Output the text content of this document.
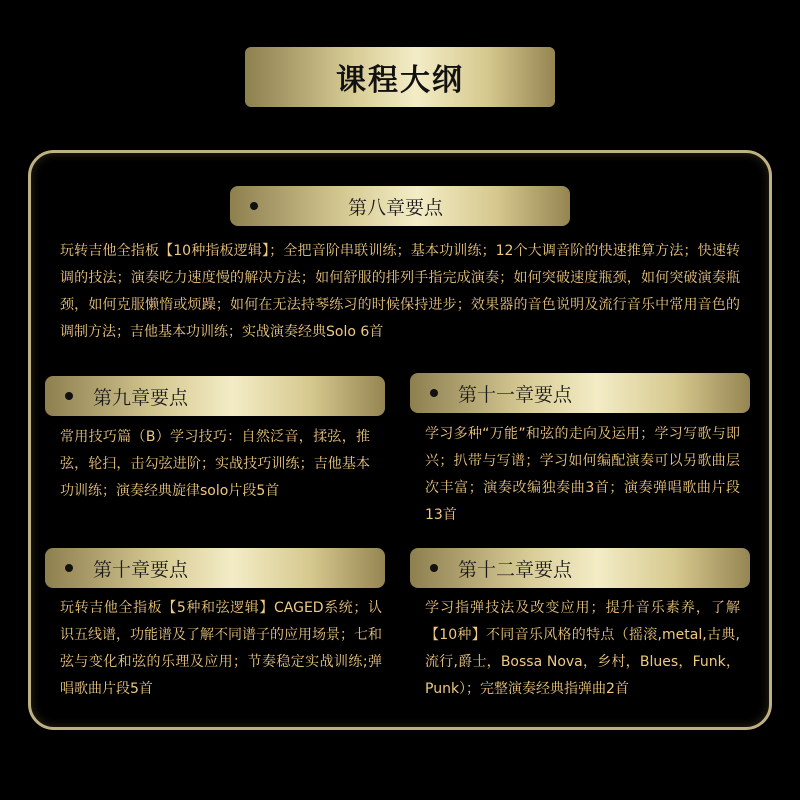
课程大纲
第八章要点

玩转吉他全指板【10种指板逻辑】；全把音阶串联训练；基本功训练；12个大调音阶的快速推算方法；快速转调的技法；演奏吃力速度慢的解决方法；如何舒服的排列手指完成演奏；如何突破速度瓶颈，如何突破演奏瓶颈，如何克服懒惰或烦躁；如何在无法持琴练习的时候保持进步；效果器的音色说明及流行音乐中常用音色的调制方法；吉他基本功训练；实战演奏经典Solo 6首

第九章要点

常用技巧篇（B）学习技巧：自然泛音，揉弦，推弦，轮扫，击勾弦进阶；实战技巧训练；吉他基本功训练；演奏经典旋律solo片段5首

第十一章要点

学习多种“万能”和弦的走向及运用；学习写歌与即兴；扒带与写谱；学习如何编配演奏可以另歌曲层次丰富；演奏改编独奏曲3首；演奏弹唱歌曲片段13首

第十章要点

玩转吉他全指板【5种和弦逻辑】CAGED系统；认识五线谱，功能谱及了解不同谱子的应用场景；七和弦与变化和弦的乐理及应用；节奏稳定实战训练;弹唱歌曲片段5首

第十二章要点

学习指弹技法及改变应用；提升音乐素养，了解【10种】不同音乐风格的特点（摇滚,metal,古典,流行,爵士，Bossa Nova，乡村，Blues，Funk，Punk）；完整演奏经典指弹曲2首
